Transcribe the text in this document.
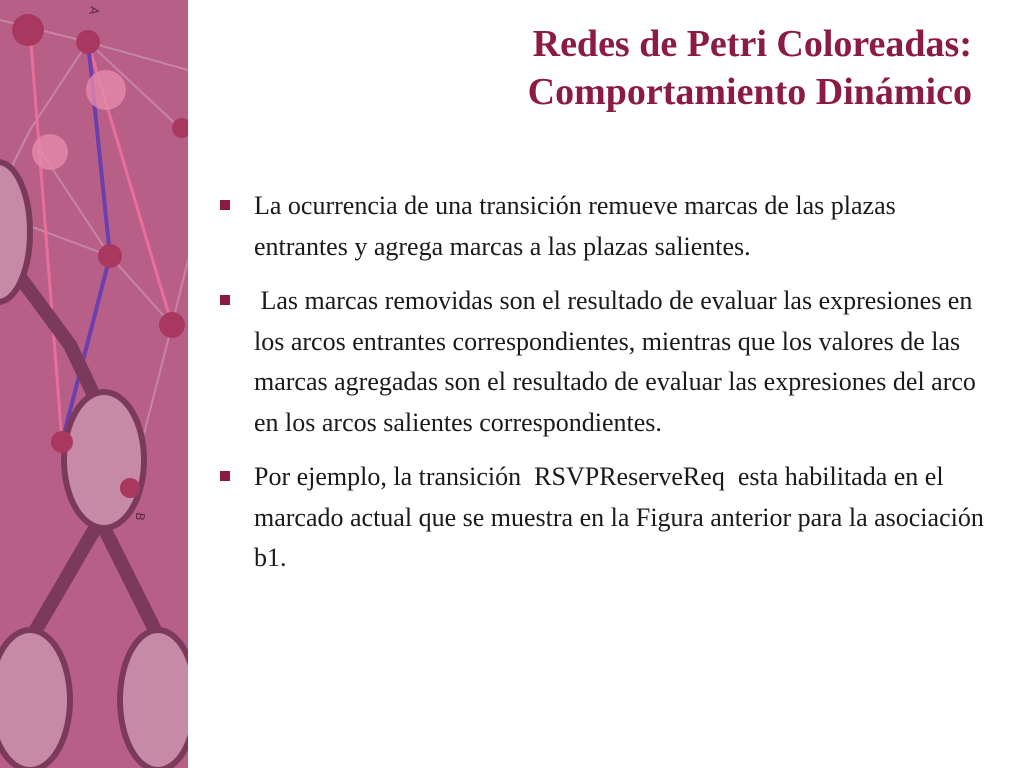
A
B
Redes de Petri Coloreadas:
Comportamiento Dinámico

La ocurrencia de una transición remueve marcas de las plazas entrantes y agrega marcas a las plazas salientes.

Las marcas removidas son el resultado de evaluar las expresiones en los arcos entrantes correspondientes, mientras que los valores de las marcas agregadas son el resultado de evaluar las expresiones del arco en los arcos salientes correspondientes.

Por ejemplo, la transición  RSVPReserveReq  esta habilitada en el marcado actual que se muestra en la Figura anterior para la asociación b1.
